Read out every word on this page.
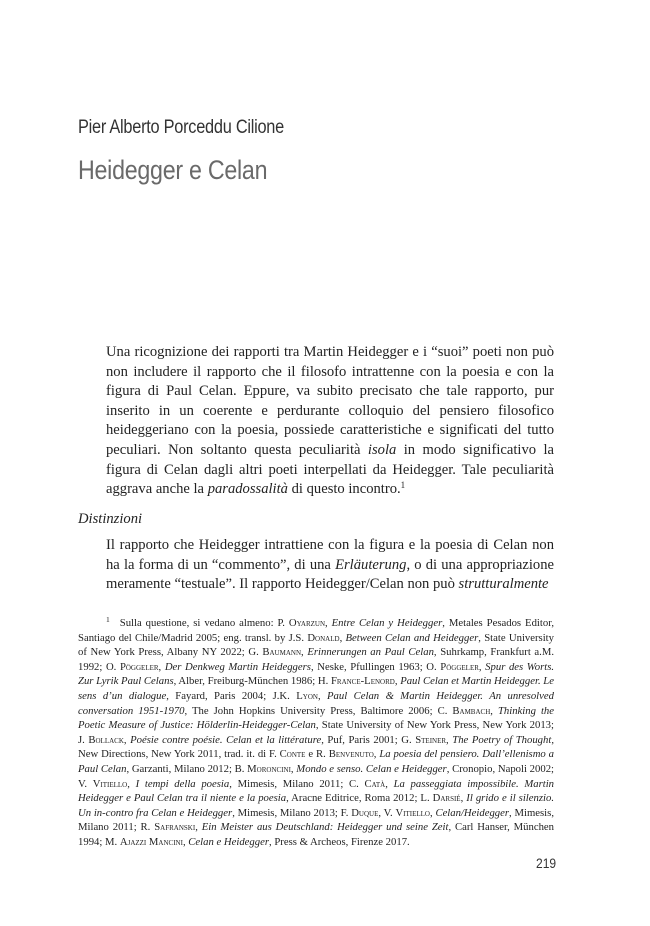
Pier Alberto Porceddu Cilione
Heidegger e Celan
Una ricognizione dei rapporti tra Martin Heidegger e i “suoi” poeti non può non includere il rapporto che il filosofo intrattenne con la poesia e con la figura di Paul Celan. Eppure, va subito precisato che tale rapporto, pur inserito in un coerente e perdurante colloquio del pensiero filosofico heideggeriano con la poesia, possiede caratteristiche e significati del tutto peculiari. Non soltanto questa peculiarità isola in modo significativo la figura di Celan dagli altri poeti interpellati da Heidegger. Tale peculiarità aggrava anche la paradossalità di questo incontro.$^1$
Distinzioni
Il rapporto che Heidegger intrattiene con la figura e la poesia di Celan non ha la forma di un “commento”, di una Erläuterung, o di una appropriazione meramente “testuale”. Il rapporto Heidegger/Celan non può strutturalmente
$^1$ Sulla questione, si vedano almeno: P. Oyarzun, Entre Celan y Heidegger, Metales Pesados Editor, Santiago del Chile/Madrid 2005; eng. transl. by J.S. Donald, Between Celan and Heidegger, State University of New York Press, Albany NY 2022; G. Baumann, Erinnerungen an Paul Celan, Suhrkamp, Frankfurt a.M. 1992; O. Pöggeler, Der Denkweg Martin Heideggers, Neske, Pfullingen 1963; O. Pöggeler, Spur des Worts. Zur Lyrik Paul Celans, Alber, Freiburg-München 1986; H. France-Lenord, Paul Celan et Martin Heidegger. Le sens d’un dialogue, Fayard, Paris 2004; J.K. Lyon, Paul Celan & Martin Heidegger. An unresolved conversation 1951-1970, The John Hopkins University Press, Baltimore 2006; C. Bambach, Thinking the Poetic Measure of Justice: Hölderlin-Heidegger-Celan, State University of New York Press, New York 2013; J. Bollack, Poésie contre poésie. Celan et la littérature, Puf, Paris 2001; G. Steiner, The Poetry of Thought, New Directions, New York 2011, trad. it. di F. Conte e R. Benvenuto, La poesia del pensiero. Dall’ellenismo a Paul Celan, Garzanti, Milano 2012; B. Moroncini, Mondo e senso. Celan e Heidegger, Cronopio, Napoli 2002; V. Vitiello, I tempi della poesia, Mimesis, Milano 2011; C. Catà, La passeggiata impossibile. Martin Heidegger e Paul Celan tra il niente e la poesia, Aracne Editrice, Roma 2012; L. Darsié, Il grido e il silenzio. Un in-contro fra Celan e Heidegger, Mimesis, Milano 2013; F. Duque, V. Vitiello, Celan/Heidegger, Mimesis, Milano 2011; R. Safranski, Ein Meister aus Deutschland: Heidegger und seine Zeit, Carl Hanser, München 1994; M. Ajazzi Mancini, Celan e Heidegger, Press & Archeos, Firenze 2017.
219
